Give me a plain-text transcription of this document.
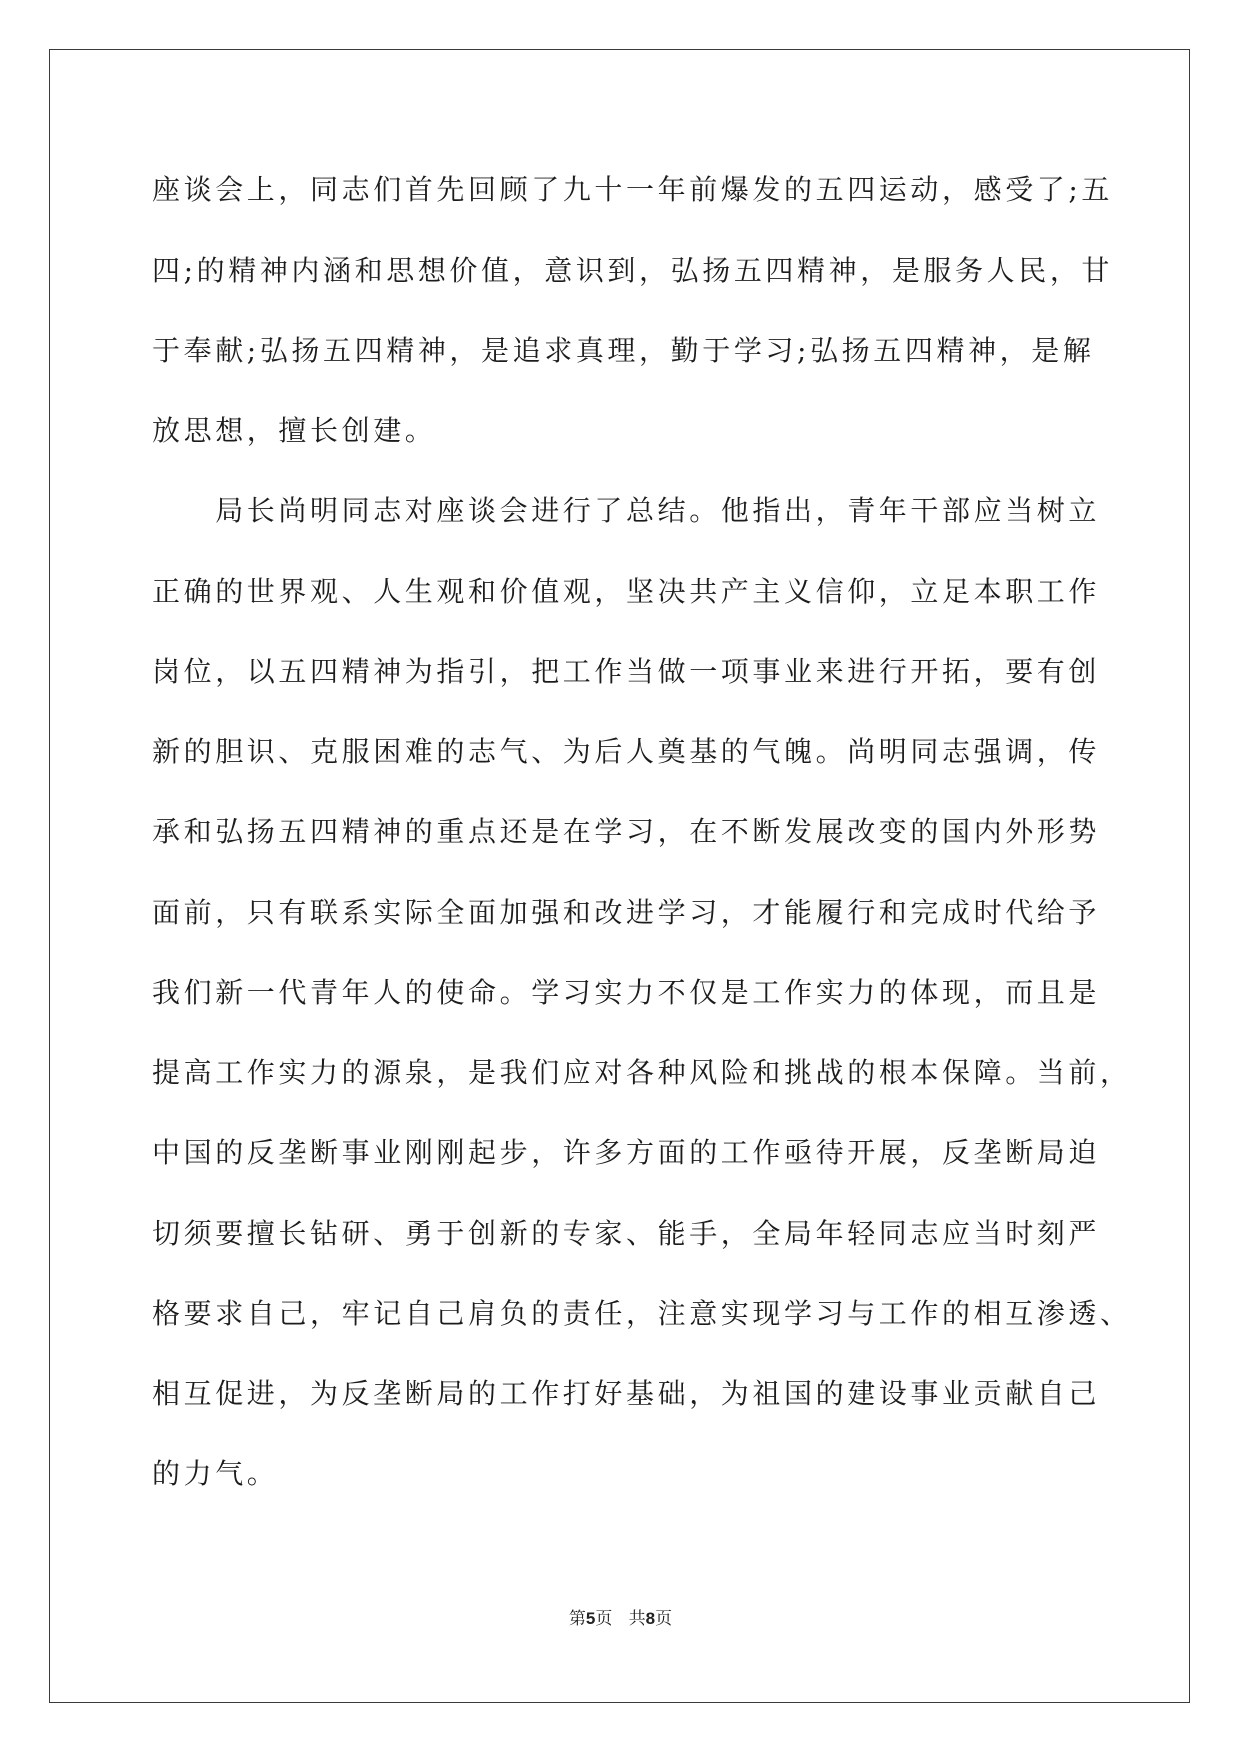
座谈会上，同志们首先回顾了九十一年前爆发的五四运动，感受了;五
四;的精神内涵和思想价值，意识到，弘扬五四精神，是服务人民，甘
于奉献;弘扬五四精神，是追求真理，勤于学习;弘扬五四精神，是解
放思想，擅长创建。
　　局长尚明同志对座谈会进行了总结。他指出，青年干部应当树立
正确的世界观、人生观和价值观，坚决共产主义信仰，立足本职工作
岗位，以五四精神为指引，把工作当做一项事业来进行开拓，要有创
新的胆识、克服困难的志气、为后人奠基的气魄。尚明同志强调，传
承和弘扬五四精神的重点还是在学习，在不断发展改变的国内外形势
面前，只有联系实际全面加强和改进学习，才能履行和完成时代给予
我们新一代青年人的使命。学习实力不仅是工作实力的体现，而且是
提高工作实力的源泉，是我们应对各种风险和挑战的根本保障。当前，
中国的反垄断事业刚刚起步，许多方面的工作亟待开展，反垄断局迫
切须要擅长钻研、勇于创新的专家、能手，全局年轻同志应当时刻严
格要求自己，牢记自己肩负的责任，注意实现学习与工作的相互渗透、
相互促进，为反垄断局的工作打好基础，为祖国的建设事业贡献自己
的力气。
第5页 共8页
